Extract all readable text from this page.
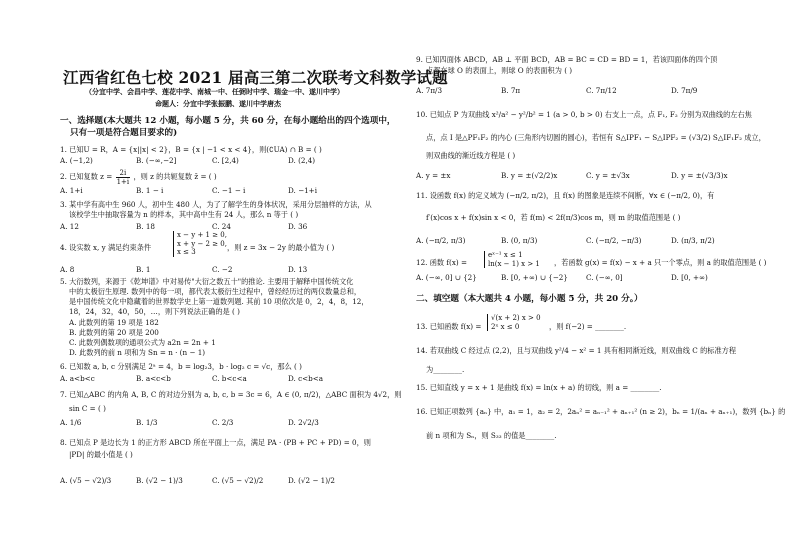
江西省红色七校 2021 届高三第二次联考文科数学试题
（分宜中学、会昌中学、莲花中学、南城一中、任弼时中学、瑞金一中、遂川中学）
命题人：分宜中学张振鹏、遂川中学唐杰
一、选择题(本大题共 12 小题，每小题 5 分，共 60 分，在每小题给出的四个选项中，
只有一项是符合题目要求的)
1. 已知U = R，A = {x||x| < 2}，B = {x | −1 < x < 4}，则(∁UA) ∩ B = ( )
A. (−1,2)	B. (−∞,−2]	C. [2,4)	D. (2,4)
2. 已知复数 $z = \frac{2i}{1+i}$ ，则 z 的共轭复数 z̄ = ( )
A. 1+i	B. 1 − i	C. −1 − i	D. −1+i
3. 某中学有高中生 960 人，初中生 480 人，为了了解学生的身体状况，采用分层抽样的方法，从
该校学生中抽取容量为 n 的样本，其中高中生有 24 人，那么 n 等于 ( )
A. 12	B. 18	C. 24	D. 36
4. 设实数 x, y 满足约束条件
x − y + 1 ≥ 0,
x + y − 2 ≥ 0,
x ≤ 3	，则 z = 3x − 2y 的最小值为 ( )
A. 8	B. 1	C. −2	D. 13
5. 大衍数列，来源于《乾坤谱》中对易传"大衍之数五十"的推论. 主要用于解释中国传统文化
中的太极衍生原理. 数列中的每一项，都代表太极衍生过程中，曾经经历过的两仪数量总和，
是中国传统文化中隐藏着的世界数学史上第一道数列题. 其前 10 项依次是 0，2，4，8，12，
18，24，32，40，50，…，则下列说法正确的是 ( )
A. 此数列的第 19 项是 182
B. 此数列的第 20 项是 200
C. 此数列偶数项的通项公式为 a2n = 2n + 1
D. 此数列的前 n 项和为 Sn = n · (n − 1)
6. 已知数 a, b, c 分别满足 2ᵃ = 4，b = log₂3，b · log₂ c = √c，那么 ( )
A. a<b<c	B. a<c<b	C. b<c<a	D. c<b<a
7. 已知△ABC 的内角 A, B, C 的对边分别为 a, b, c, b = 3c = 6，A ∈ (0, π/2)，△ABC 面积为 4√2，则
sin C = ( )
A. 1/6	B. 1/3	C. 2/3	D. 2√2/3
8. 已知点 P 是边长为 1 的正方形 ABCD 所在平面上一点，满足 PA · (PB + PC + PD) = 0，则
|PD| 的最小值是 ( )
A. (√5 − √2)/3	B. (√2 − 1)/3	C. (√5 − √2)/2	D. (√2 − 1)/2
9. 已知四面体 ABCD，AB ⊥ 平面 BCD，AB = BC = CD = BD = 1，若该四面体的四个顶
点都在球 O 的表面上，则球 O 的表面积为 ( )
A. 7π/3	B. 7π	C. 7π/12	D. 7π/9
10. 已知点 P 为双曲线 x²/a² − y²/b² = 1 (a > 0, b > 0) 右支上一点，点 F₁, F₂ 分别为双曲线的左右焦
点，点 I 是△PF₁F₂ 的内心 (三角形内切圆的圆心)，若恒有 S△IPF₁ − S△IPF₂ = (√3/2) S△IF₁F₂ 成立，
则双曲线的渐近线方程是 ( )
A. y = ±x	B. y = ±(√2/2)x	C. y = ±√3x	D. y = ±(√3/3)x
11. 设函数 f(x) 的定义域为 (−π/2, π/2)，且 f(x) 的图象是连续不间断，∀x ∈ (−π/2, 0)，有
f′(x)cos x + f(x)sin x < 0，若 f(m) < 2f(π/3)cos m，则 m 的取值范围是 ( )
A. (−π/2, π/3)	B. (0, π/3)	C. (−π/2, −π/3)	D. (π/3, π/2)
12. 函数 f(x) =
eˣ⁻¹ x ≤ 1
ln(x − 1) x > 1 ，若函数 g(x) = f(x) − x + a 只一个零点，则 a 的取值范围是 ( )
A. (−∞, 0] ∪ {2}	B. [0, +∞) ∪ {−2}	C. (−∞, 0]	D. [0, +∞)
二、填空题（本大题共 4 小题，每小题 5 分，共 20 分。）
13. 已知函数 f(x) =
√(x + 2) x > 0
2ˣ x ≤ 0	，则 f(−2) = ________.
14. 若双曲线 C 经过点 (2,2)，且与双曲线 y²/4 − x² = 1 具有相同渐近线，则双曲线 C 的标准方程
为________.
15. 已知直线 y = x + 1 是曲线 f(x) = ln(x + a) 的切线，则 a = ________.
16. 已知正项数列 {aₙ} 中，a₁ = 1，a₂ = 2，2aₙ² = aₙ₋₁² + aₙ₊₁² (n ≥ 2)，bₙ = 1/(aₙ + aₙ₊₁)，数列 {bₙ} 的
前 n 项和为 Sₙ，则 S₃₃ 的值是________.
